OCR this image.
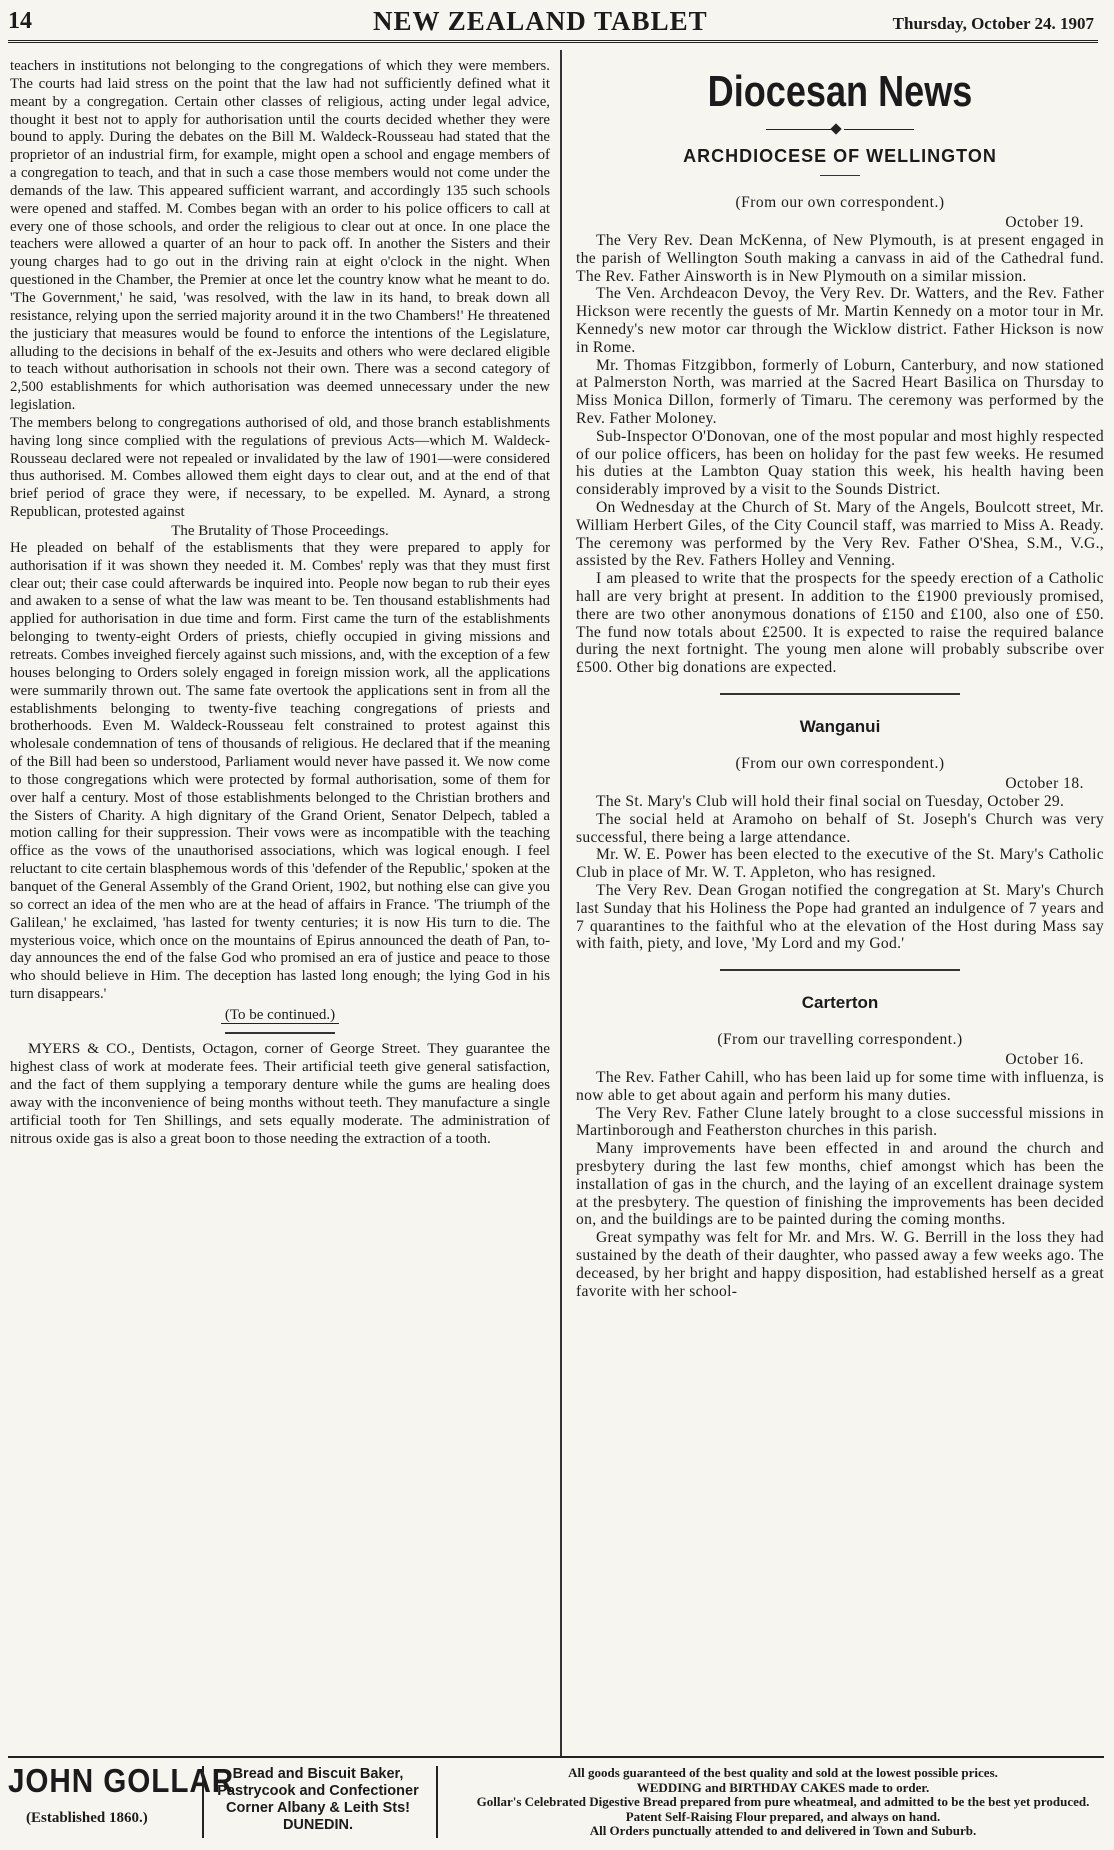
14	NEW ZEALAND TABLET	Thursday, October 24. 1907

teachers in institutions not belonging to the congregations of which they were members. The courts had laid stress on the point that the law had not sufficiently defined what it meant by a congregation. Certain other classes of religious, acting under legal advice, thought it best not to apply for authorisation until the courts decided whether they were bound to apply. During the debates on the Bill M. Waldeck-Rousseau had stated that the proprietor of an industrial firm, for example, might open a school and engage members of a congregation to teach, and that in such a case those members would not come under the demands of the law. This appeared sufficient warrant, and accordingly 135 such schools were opened and staffed. M. Combes began with an order to his police officers to call at every one of those schools, and order the religious to clear out at once. In one place the teachers were allowed a quarter of an hour to pack off. In another the Sisters and their young charges had to go out in the driving rain at eight o'clock in the night. When questioned in the Chamber, the Premier at once let the country know what he meant to do. 'The Government,' he said, 'was resolved, with the law in its hand, to break down all resistance, relying upon the serried majority around it in the two Chambers!' He threatened the justiciary that measures would be found to enforce the intentions of the Legislature, alluding to the decisions in behalf of the ex-Jesuits and others who were declared eligible to teach without authorisation in schools not their own. There was a second category of 2,500 establishments for which authorisation was deemed unnecessary under the new legislation.

The members belong to congregations authorised of old, and those branch establishments having long since complied with the regulations of previous Acts—which M. Waldeck-Rousseau declared were not repealed or invalidated by the law of 1901—were considered thus authorised. M. Combes allowed them eight days to clear out, and at the end of that brief period of grace they were, if necessary, to be expelled. M. Aynard, a strong Republican, protested against

The Brutality of Those Proceedings.

He pleaded on behalf of the establisments that they were prepared to apply for authorisation if it was shown they needed it. M. Combes' reply was that they must first clear out; their case could afterwards be inquired into. People now began to rub their eyes and awaken to a sense of what the law was meant to be. Ten thousand establishments had applied for authorisation in due time and form. First came the turn of the establishments belonging to twenty-eight Orders of priests, chiefly occupied in giving missions and retreats. Combes inveighed fiercely against such missions, and, with the exception of a few houses belonging to Orders solely engaged in foreign mission work, all the applications were summarily thrown out. The same fate overtook the applications sent in from all the establishments belonging to twenty-five teaching congregations of priests and brotherhoods. Even M. Waldeck-Rousseau felt constrained to protest against this wholesale condemnation of tens of thousands of religious. He declared that if the meaning of the Bill had been so understood, Parliament would never have passed it. We now come to those congregations which were protected by formal authorisation, some of them for over half a century. Most of those establishments belonged to the Christian brothers and the Sisters of Charity. A high dignitary of the Grand Orient, Senator Delpech, tabled a motion calling for their suppression. Their vows were as incompatible with the teaching office as the vows of the unauthorised associations, which was logical enough. I feel reluctant to cite certain blasphemous words of this 'defender of the Republic,' spoken at the banquet of the General Assembly of the Grand Orient, 1902, but nothing else can give you so correct an idea of the men who are at the head of affairs in France. 'The triumph of the Galilean,' he exclaimed, 'has lasted for twenty centuries; it is now His turn to die. The mysterious voice, which once on the mountains of Epirus announced the death of Pan, to-day announces the end of the false God who promised an era of justice and peace to those who should believe in Him. The deception has lasted long enough; the lying God in his turn disappears.'

(To be continued.)

MYERS & CO., Dentists, Octagon, corner of George Street. They guarantee the highest class of work at moderate fees. Their artificial teeth give general satisfaction, and the fact of them supplying a temporary denture while the gums are healing does away with the inconvenience of being months without teeth. They manufacture a single artificial tooth for Ten Shillings, and sets equally moderate. The administration of nitrous oxide gas is also a great boon to those needing the extraction of a tooth.

Diocesan News
ARCHDIOCESE OF WELLINGTON

(From our own correspondent.)

October 19.

The Very Rev. Dean McKenna, of New Plymouth, is at present engaged in the parish of Wellington South making a canvass in aid of the Cathedral fund. The Rev. Father Ainsworth is in New Plymouth on a similar mission.

The Ven. Archdeacon Devoy, the Very Rev. Dr. Watters, and the Rev. Father Hickson were recently the guests of Mr. Martin Kennedy on a motor tour in Mr. Kennedy's new motor car through the Wicklow district. Father Hickson is now in Rome.

Mr. Thomas Fitzgibbon, formerly of Loburn, Canterbury, and now stationed at Palmerston North, was married at the Sacred Heart Basilica on Thursday to Miss Monica Dillon, formerly of Timaru. The ceremony was performed by the Rev. Father Moloney.

Sub-Inspector O'Donovan, one of the most popular and most highly respected of our police officers, has been on holiday for the past few weeks. He resumed his duties at the Lambton Quay station this week, his health having been considerably improved by a visit to the Sounds District.

On Wednesday at the Church of St. Mary of the Angels, Boulcott street, Mr. William Herbert Giles, of the City Council staff, was married to Miss A. Ready. The ceremony was performed by the Very Rev. Father O'Shea, S.M., V.G., assisted by the Rev. Fathers Holley and Venning.

I am pleased to write that the prospects for the speedy erection of a Catholic hall are very bright at present. In addition to the £1900 previously promised, there are two other anonymous donations of £150 and £100, also one of £50. The fund now totals about £2500. It is expected to raise the required balance during the next fortnight. The young men alone will probably subscribe over £500. Other big donations are expected.

Wanganui

(From our own correspondent.)

October 18.

The St. Mary's Club will hold their final social on Tuesday, October 29.

The social held at Aramoho on behalf of St. Joseph's Church was very successful, there being a large attendance.

Mr. W. E. Power has been elected to the executive of the St. Mary's Catholic Club in place of Mr. W. T. Appleton, who has resigned.

The Very Rev. Dean Grogan notified the congregation at St. Mary's Church last Sunday that his Holiness the Pope had granted an indulgence of 7 years and 7 quarantines to the faithful who at the elevation of the Host during Mass say with faith, piety, and love, 'My Lord and my God.'

Carterton

(From our travelling correspondent.)

October 16.

The Rev. Father Cahill, who has been laid up for some time with influenza, is now able to get about again and perform his many duties.

The Very Rev. Father Clune lately brought to a close successful missions in Martinborough and Featherston churches in this parish.

Many improvements have been effected in and around the church and presbytery during the last few months, chief amongst which has been the installation of gas in the church, and the laying of an excellent drainage system at the presbytery. The question of finishing the improvements has been decided on, and the buildings are to be painted during the coming months.

Great sympathy was felt for Mr. and Mrs. W. G. Berrill in the loss they had sustained by the death of their daughter, who passed away a few weeks ago. The deceased, by her bright and happy disposition, had established herself as a great favorite with her school-

JOHN GOLLAR
(Established 1860.)
Bread and Biscuit Baker,
Pastrycook and Confectioner
Corner Albany & Leith Sts!
DUNEDIN.
All goods guaranteed of the best quality and sold at the lowest possible prices.
WEDDING and BIRTHDAY CAKES made to order.
Gollar's Celebrated Digestive Bread prepared from pure wheatmeal, and admitted to be the best yet produced. Patent Self-Raising Flour prepared, and always on hand.
All Orders punctually attended to and delivered in Town and Suburb.
